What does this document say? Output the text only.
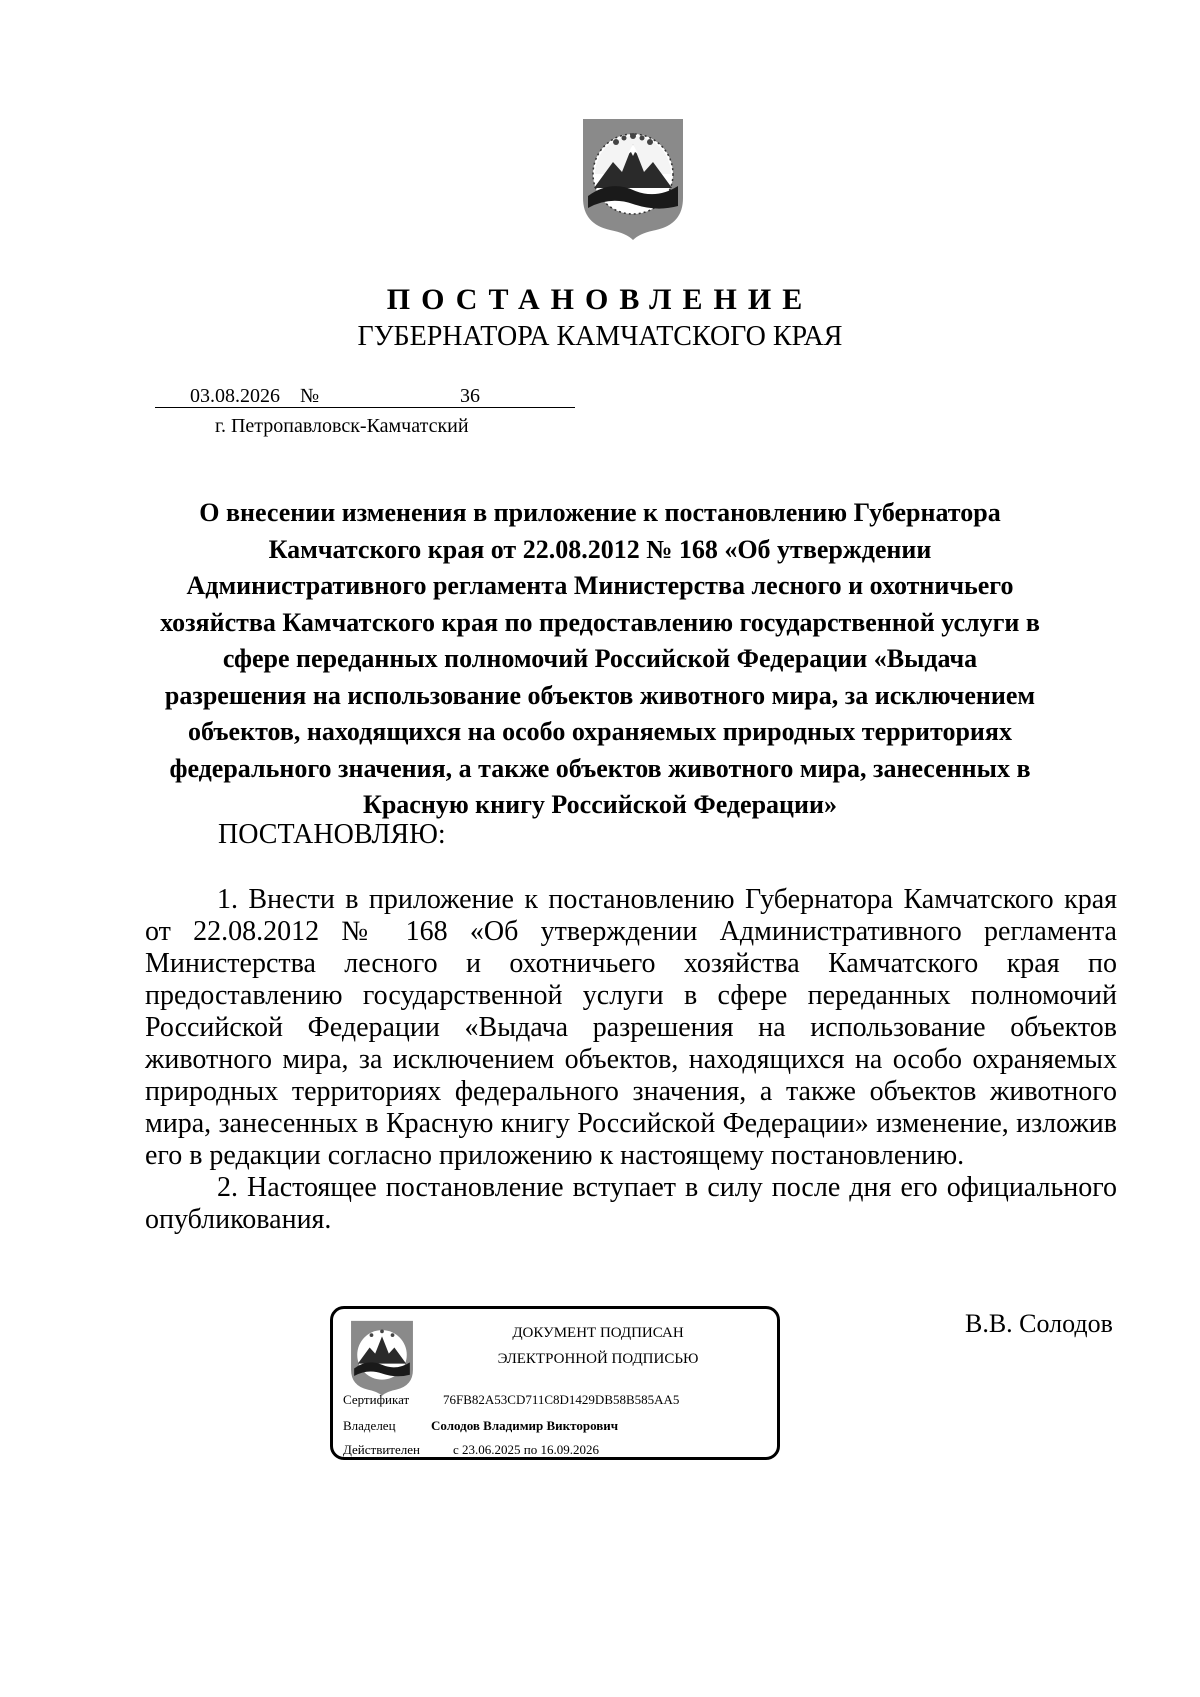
ПОСТАНОВЛЕНИЕ
ГУБЕРНАТОРА КАМЧАТСКОГО КРАЯ
03.08.2026 №	36
г. Петропавловск-Камчатский
О внесении изменения в приложение к постановлению Губернатора
Камчатского края от 22.08.2012 № 168 «Об утверждении
Административного регламента Министерства лесного и охотничьего
хозяйства Камчатского края по предоставлению государственной услуги в
сфере переданных полномочий Российской Федерации «Выдача
разрешения на использование объектов животного мира, за исключением
объектов, находящихся на особо охраняемых природных территориях
федерального значения, а также объектов животного мира, занесенных в
Красную книгу Российской Федерации»
ПОСТАНОВЛЯЮ:

1. Внести в приложение к постановлению Губернатора Камчатского края от 22.08.2012 № 168 «Об утверждении Административного регламента Министерства лесного и охотничьего хозяйства Камчатского края по предоставлению государственной услуги в сфере переданных полномочий Российской Федерации «Выдача разрешения на использование объектов животного мира, за исключением объектов, находящихся на особо охраняемых природных территориях федерального значения, а также объектов животного мира, занесенных в Красную книгу Российской Федерации» изменение, изложив его в редакции согласно приложению к настоящему постановлению.

2. Настоящее постановление вступает в силу после дня его официального опубликования.

ДОКУМЕНТ ПОДПИСАН
ЭЛЕКТРОННОЙ ПОДПИСЬЮ
Сертификат	76FB82A53CD711C8D1429DB58B585AA5
Владелец	Солодов Владимир Викторович
Действителен	с 23.06.2025 по 16.09.2026
В.В. Солодов
